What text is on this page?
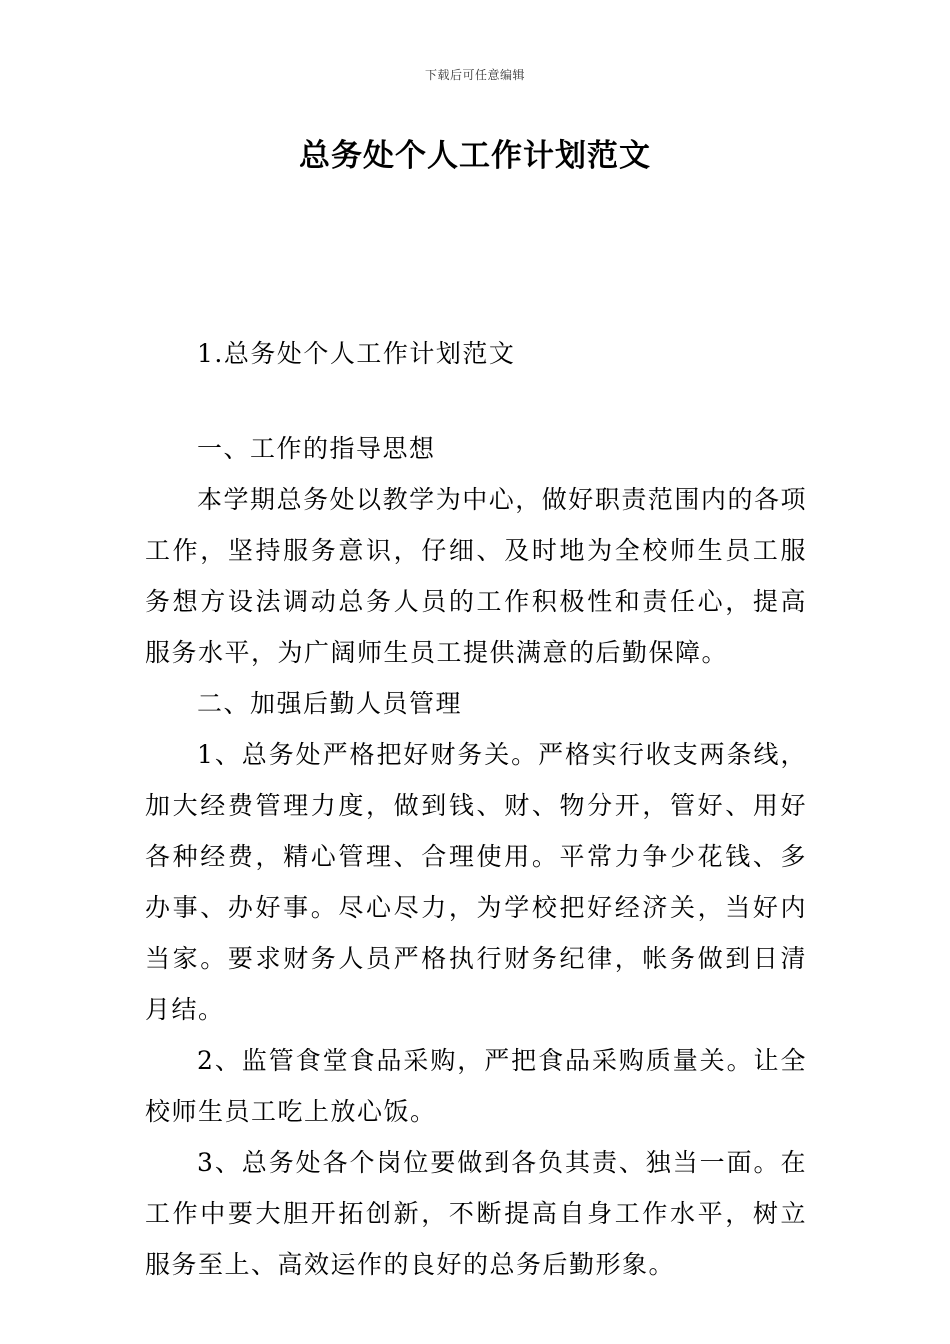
下载后可任意编辑
总务处个人工作计划范文

1.总务处个人工作计划范文

一、工作的指导思想

本学期总务处以教学为中心，做好职责范围内的各项工作，坚持服务意识，仔细、及时地为全校师生员工服务想方设法调动总务人员的工作积极性和责任心，提高服务水平，为广阔师生员工提供满意的后勤保障。

二、加强后勤人员管理

1、总务处严格把好财务关。严格实行收支两条线，加大经费管理力度，做到钱、财、物分开，管好、用好各种经费，精心管理、合理使用。平常力争少花钱、多办事、办好事。尽心尽力，为学校把好经济关，当好内当家。要求财务人员严格执行财务纪律，帐务做到日清月结。

2、监管食堂食品采购，严把食品采购质量关。让全校师生员工吃上放心饭。

3、总务处各个岗位要做到各负其责、独当一面。在工作中要大胆开拓创新，不断提高自身工作水平，树立服务至上、高效运作的良好的总务后勤形象。
